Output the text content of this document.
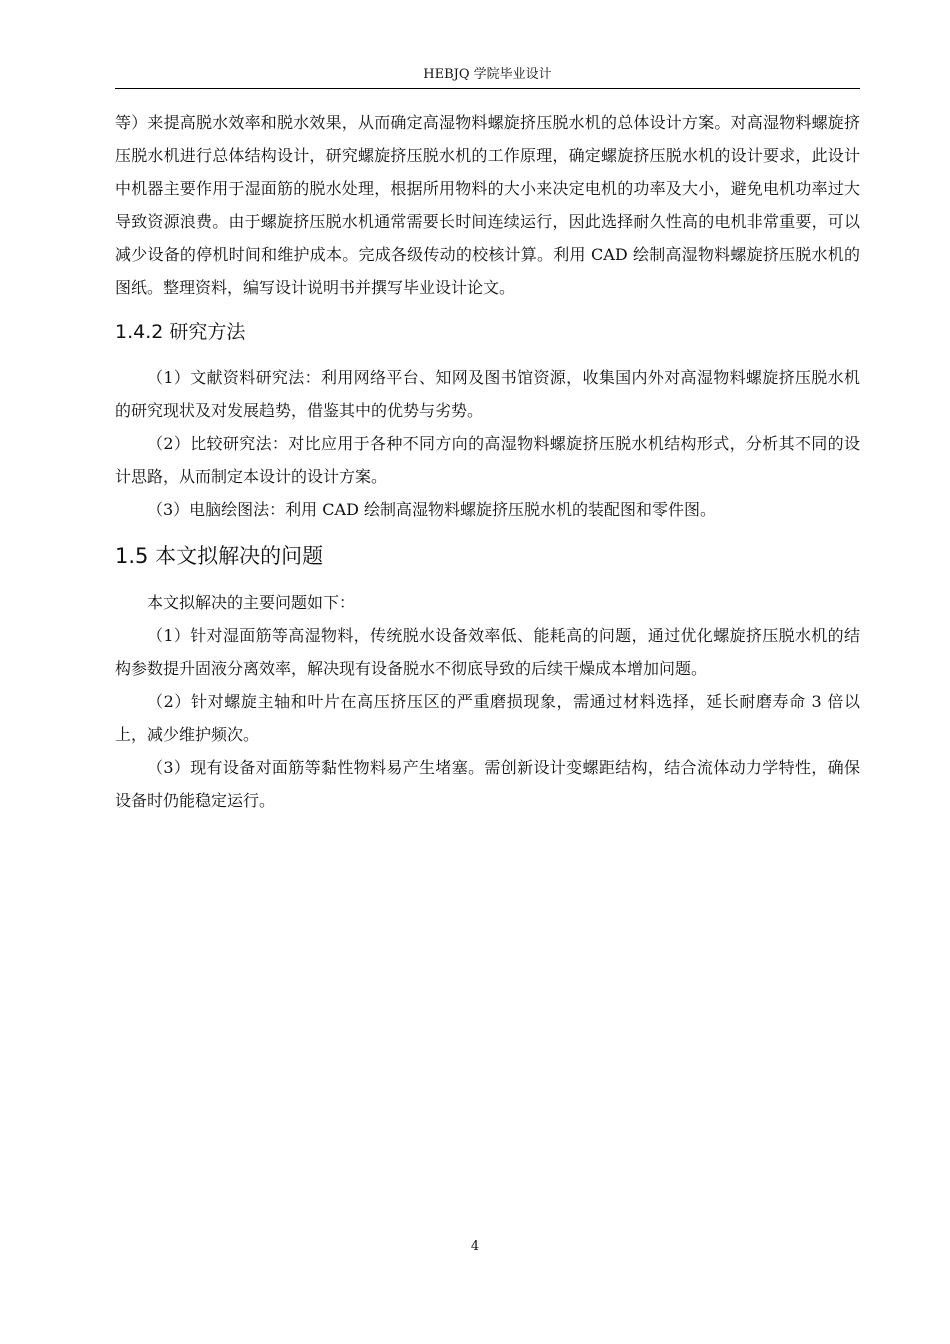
HEBJQ 学院毕业设计

等）来提高脱水效率和脱水效果，从而确定高湿物料螺旋挤压脱水机的总体设计方案。对高湿物料螺旋挤压脱水机进行总体结构设计，研究螺旋挤压脱水机的工作原理，确定螺旋挤压脱水机的设计要求，此设计中机器主要作用于湿面筋的脱水处理，根据所用物料的大小来决定电机的功率及大小，避免电机功率过大导致资源浪费。由于螺旋挤压脱水机通常需要长时间连续运行，因此选择耐久性高的电机非常重要，可以减少设备的停机时间和维护成本。完成各级传动的校核计算。利用 CAD 绘制高湿物料螺旋挤压脱水机的图纸。整理资料，编写设计说明书并撰写毕业设计论文。

1.4.2 研究方法

（1）文献资料研究法：利用网络平台、知网及图书馆资源，收集国内外对高湿物料螺旋挤压脱水机的研究现状及对发展趋势，借鉴其中的优势与劣势。

（2）比较研究法：对比应用于各种不同方向的高湿物料螺旋挤压脱水机结构形式，分析其不同的设计思路，从而制定本设计的设计方案。

（3）电脑绘图法：利用 CAD 绘制高湿物料螺旋挤压脱水机的装配图和零件图。

1.5 本文拟解决的问题

本文拟解决的主要问题如下：

（1）针对湿面筋等高湿物料，传统脱水设备效率低、能耗高的问题，通过优化螺旋挤压脱水机的结构参数提升固液分离效率，解决现有设备脱水不彻底导致的后续干燥成本增加问题。

（2）针对螺旋主轴和叶片在高压挤压区的严重磨损现象，需通过材料选择，延长耐磨寿命 3 倍以上，减少维护频次。

（3）现有设备对面筋等黏性物料易产生堵塞。需创新设计变螺距结构，结合流体动力学特性，确保设备时仍能稳定运行。

4
